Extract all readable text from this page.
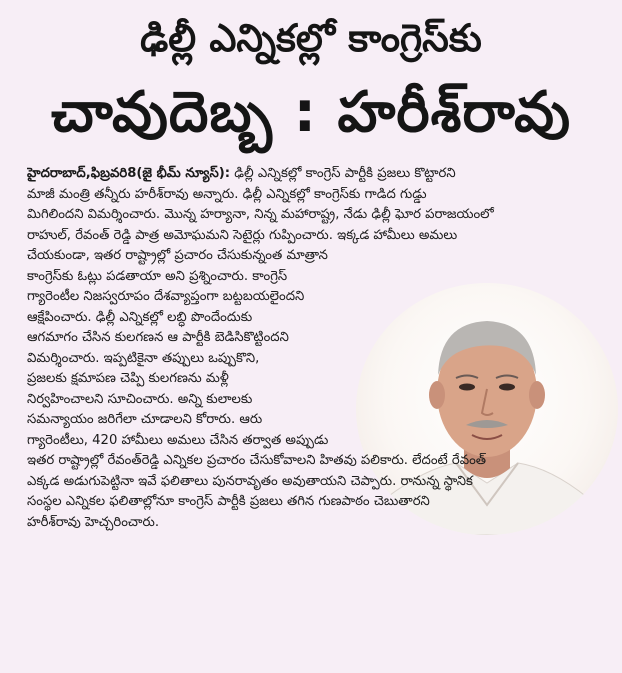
ఢిల్లీ ఎన్నికల్లో కాంగ్రెస్‌కు
చావుదెబ్బ : హరీశ్‌రావు
హైదరాబాద్,ఫిబ్రవరి8(జై భీమ్ న్యూస్): ఢిల్లీ ఎన్నికల్లో కాంగ్రెస్ పార్టీకి ప్రజలు కొట్టారని
మాజీ మంత్రి తన్నీరు హరీశ్‌రావు అన్నారు. ఢిల్లీ ఎన్నికల్లో కాంగ్రెస్‌కు గాడిద గుడ్డు
మిగిలిందని విమర్శించారు. మొన్న హర్యానా, నిన్న మహారాష్ట్ర, నేడు ఢిల్లీ ఘోర పరాజయంలో
రాహుల్, రేవంత్ రెడ్డి పాత్ర అమోఘమని సెటైర్లు గుప్పించారు. ఇక్కడ హామీలు అమలు
చేయకుండా, ఇతర రాష్ట్రాల్లో ప్రచారం చేసుకున్నంత మాత్రాన
కాంగ్రెస్‌కు ఓట్లు పడతాయా అని ప్రశ్నించారు. కాంగ్రెస్
గ్యారెంటీల నిజస్వరూపం దేశవ్యాప్తంగా బట్టబయలైందని
ఆక్షేపించారు. ఢిల్లీ ఎన్నికల్లో లబ్ధి పొందేందుకు
ఆగమాగం చేసిన కులగణన ఆ పార్టీకి బెడిసికొట్టిందని
విమర్శించారు. ఇప్పటికైనా తప్పులు ఒప్పుకొని,
ప్రజలకు క్షమాపణ చెప్పి కులగణను మళ్లీ
నిర్వహించాలని సూచించారు. అన్ని కులాలకు
సమన్యాయం జరిగేలా చూడాలని కోరారు. ఆరు
గ్యారెంటీలు, 420 హామీలు అమలు చేసిన తర్వాత అప్పుడు
ఇతర రాష్ట్రాల్లో రేవంత్‌రెడ్డి ఎన్నికల ప్రచారం చేసుకోవాలని హితవు పలికారు. లేదంటే రేవంత్
ఎక్కడ అడుగుపెట్టినా ఇవే ఫలితాలు పునరావృతం అవుతాయని చెప్పారు. రానున్న స్థానిక
సంస్థల ఎన్నికల ఫలితాల్లోనూ కాంగ్రెస్ పార్టీకి ప్రజలు తగిన గుణపాఠం చెబుతారని
హరీశ్‌రావు హెచ్చరించారు.
